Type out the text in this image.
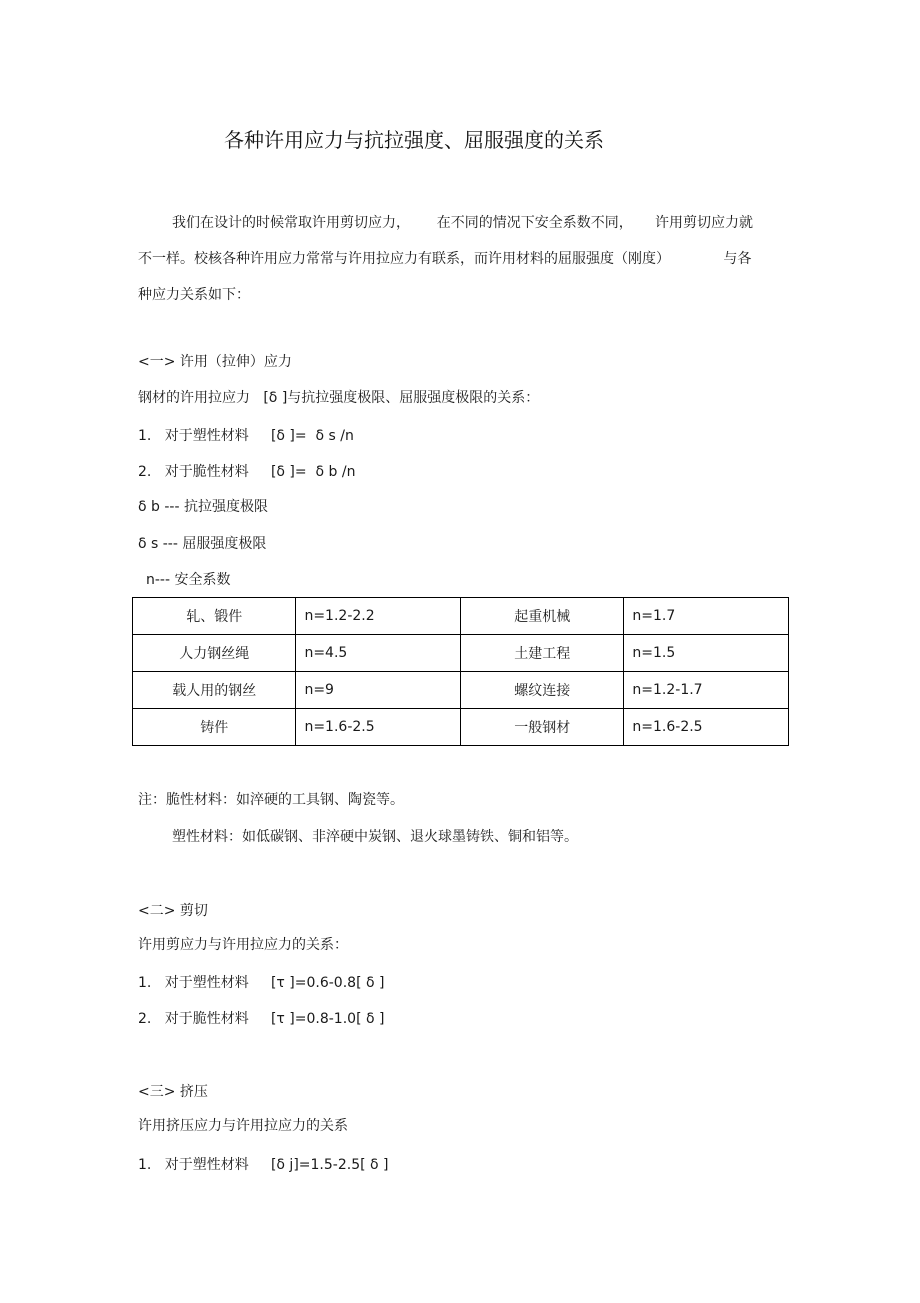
各种许用应力与抗拉强度、屈服强度的关系

我们在设计的时候常取许用剪切应力，      在不同的情况下安全系数不同，     许用剪切应力就

不一样。校核各种许用应力常常与许用拉应力有联系，而许用材料的屈服强度（刚度）            与各

种应力关系如下：

<一> 许用（拉伸）应力
钢材的许用拉应力   [δ ]与抗拉强度极限、屈服强度极限的关系：
1.   对于塑性材料     [δ ]=  δ s /n
2.   对于脆性材料     [δ ]=  δ b /n
δ b --- 抗拉强度极限
δ s --- 屈服强度极限
n--- 安全系数
轧、锻件	n=1.2-2.2	起重机械	n=1.7
人力钢丝绳	n=4.5	土建工程	n=1.5
载人用的钢丝	n=9	螺纹连接	n=1.2-1.7
铸件	n=1.6-2.5	一般钢材	n=1.6-2.5
注：脆性材料：如淬硬的工具钢、陶瓷等。
塑性材料：如低碳钢、非淬硬中炭钢、退火球墨铸铁、铜和铝等。
<二> 剪切
许用剪应力与许用拉应力的关系：
1.   对于塑性材料     [τ ]=0.6-0.8[ δ ]
2.   对于脆性材料     [τ ]=0.8-1.0[ δ ]
<三> 挤压
许用挤压应力与许用拉应力的关系
1.   对于塑性材料     [δ j]=1.5-2.5[ δ ]
